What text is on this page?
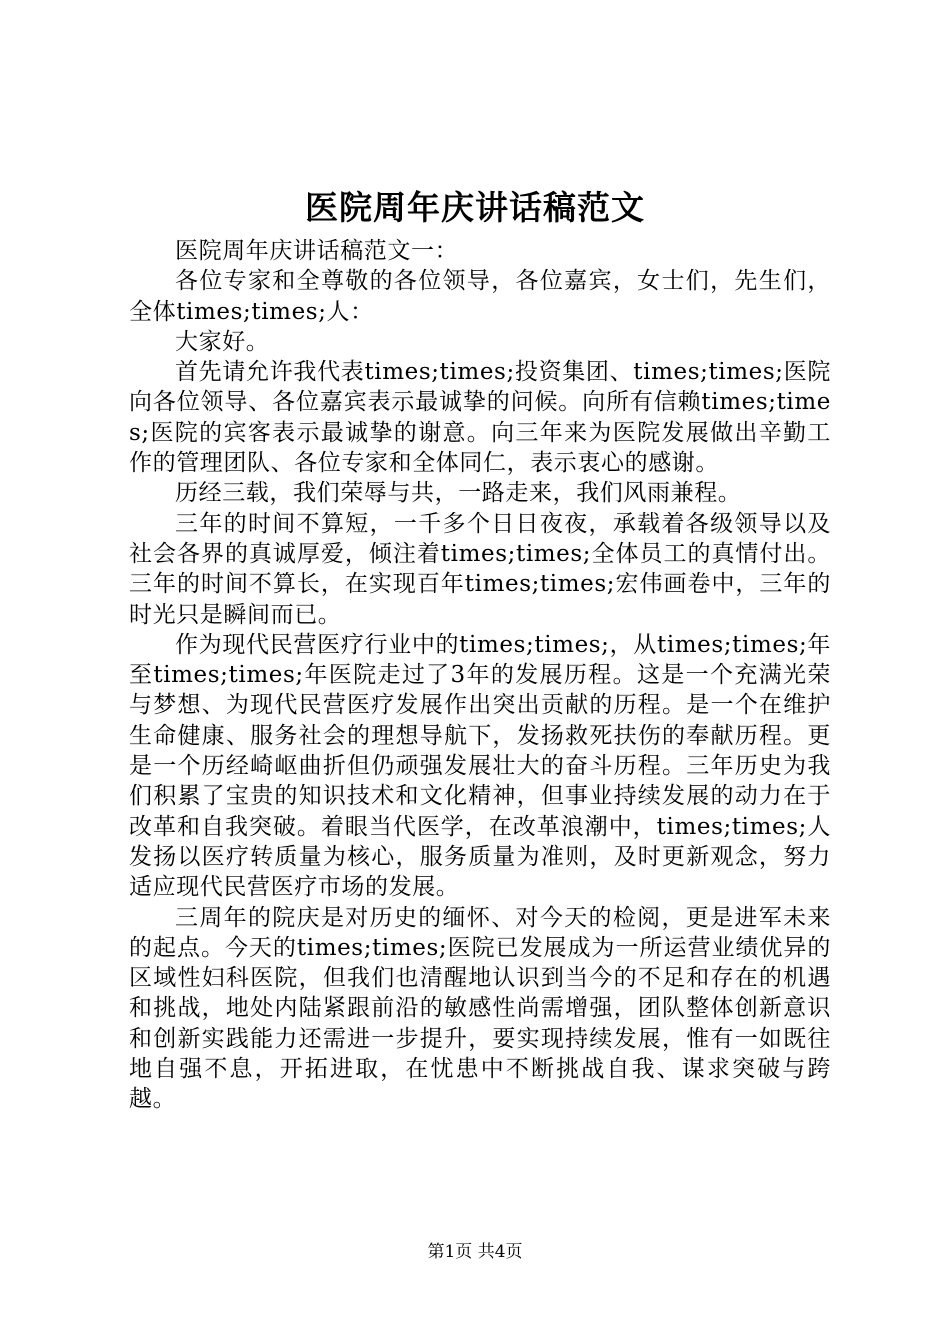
医院周年庆讲话稿范文

医院周年庆讲话稿范文一：

各位专家和全尊敬的各位领导，各位嘉宾，女士们，先生们，全体times;times;人：

大家好。

首先请允许我代表times;times;投资集团、times;times;医院向各位领导、各位嘉宾表示最诚挚的问候。向所有信赖times;times;医院的宾客表示最诚挚的谢意。向三年来为医院发展做出辛勤工作的管理团队、各位专家和全体同仁，表示衷心的感谢。

历经三载，我们荣辱与共，一路走来，我们风雨兼程。

三年的时间不算短，一千多个日日夜夜，承载着各级领导以及社会各界的真诚厚爱，倾注着times;times;全体员工的真情付出。三年的时间不算长，在实现百年times;times;宏伟画卷中，三年的时光只是瞬间而已。

作为现代民营医疗行业中的times;times;，从times;times;年至times;times;年医院走过了3年的发展历程。这是一个充满光荣与梦想、为现代民营医疗发展作出突出贡献的历程。是一个在维护生命健康、服务社会的理想导航下，发扬救死扶伤的奉献历程。更是一个历经崎岖曲折但仍顽强发展壮大的奋斗历程。三年历史为我们积累了宝贵的知识技术和文化精神，但事业持续发展的动力在于改革和自我突破。着眼当代医学，在改革浪潮中，times;times;人发扬以医疗转质量为核心，服务质量为准则，及时更新观念，努力适应现代民营医疗市场的发展。

三周年的院庆是对历史的缅怀、对今天的检阅，更是进军未来的起点。今天的times;times;医院已发展成为一所运营业绩优异的区域性妇科医院，但我们也清醒地认识到当今的不足和存在的机遇和挑战，地处内陆紧跟前沿的敏感性尚需增强，团队整体创新意识和创新实践能力还需进一步提升，要实现持续发展，惟有一如既往地自强不息，开拓进取，在忧患中不断挑战自我、谋求突破与跨越。

第1页 共4页
